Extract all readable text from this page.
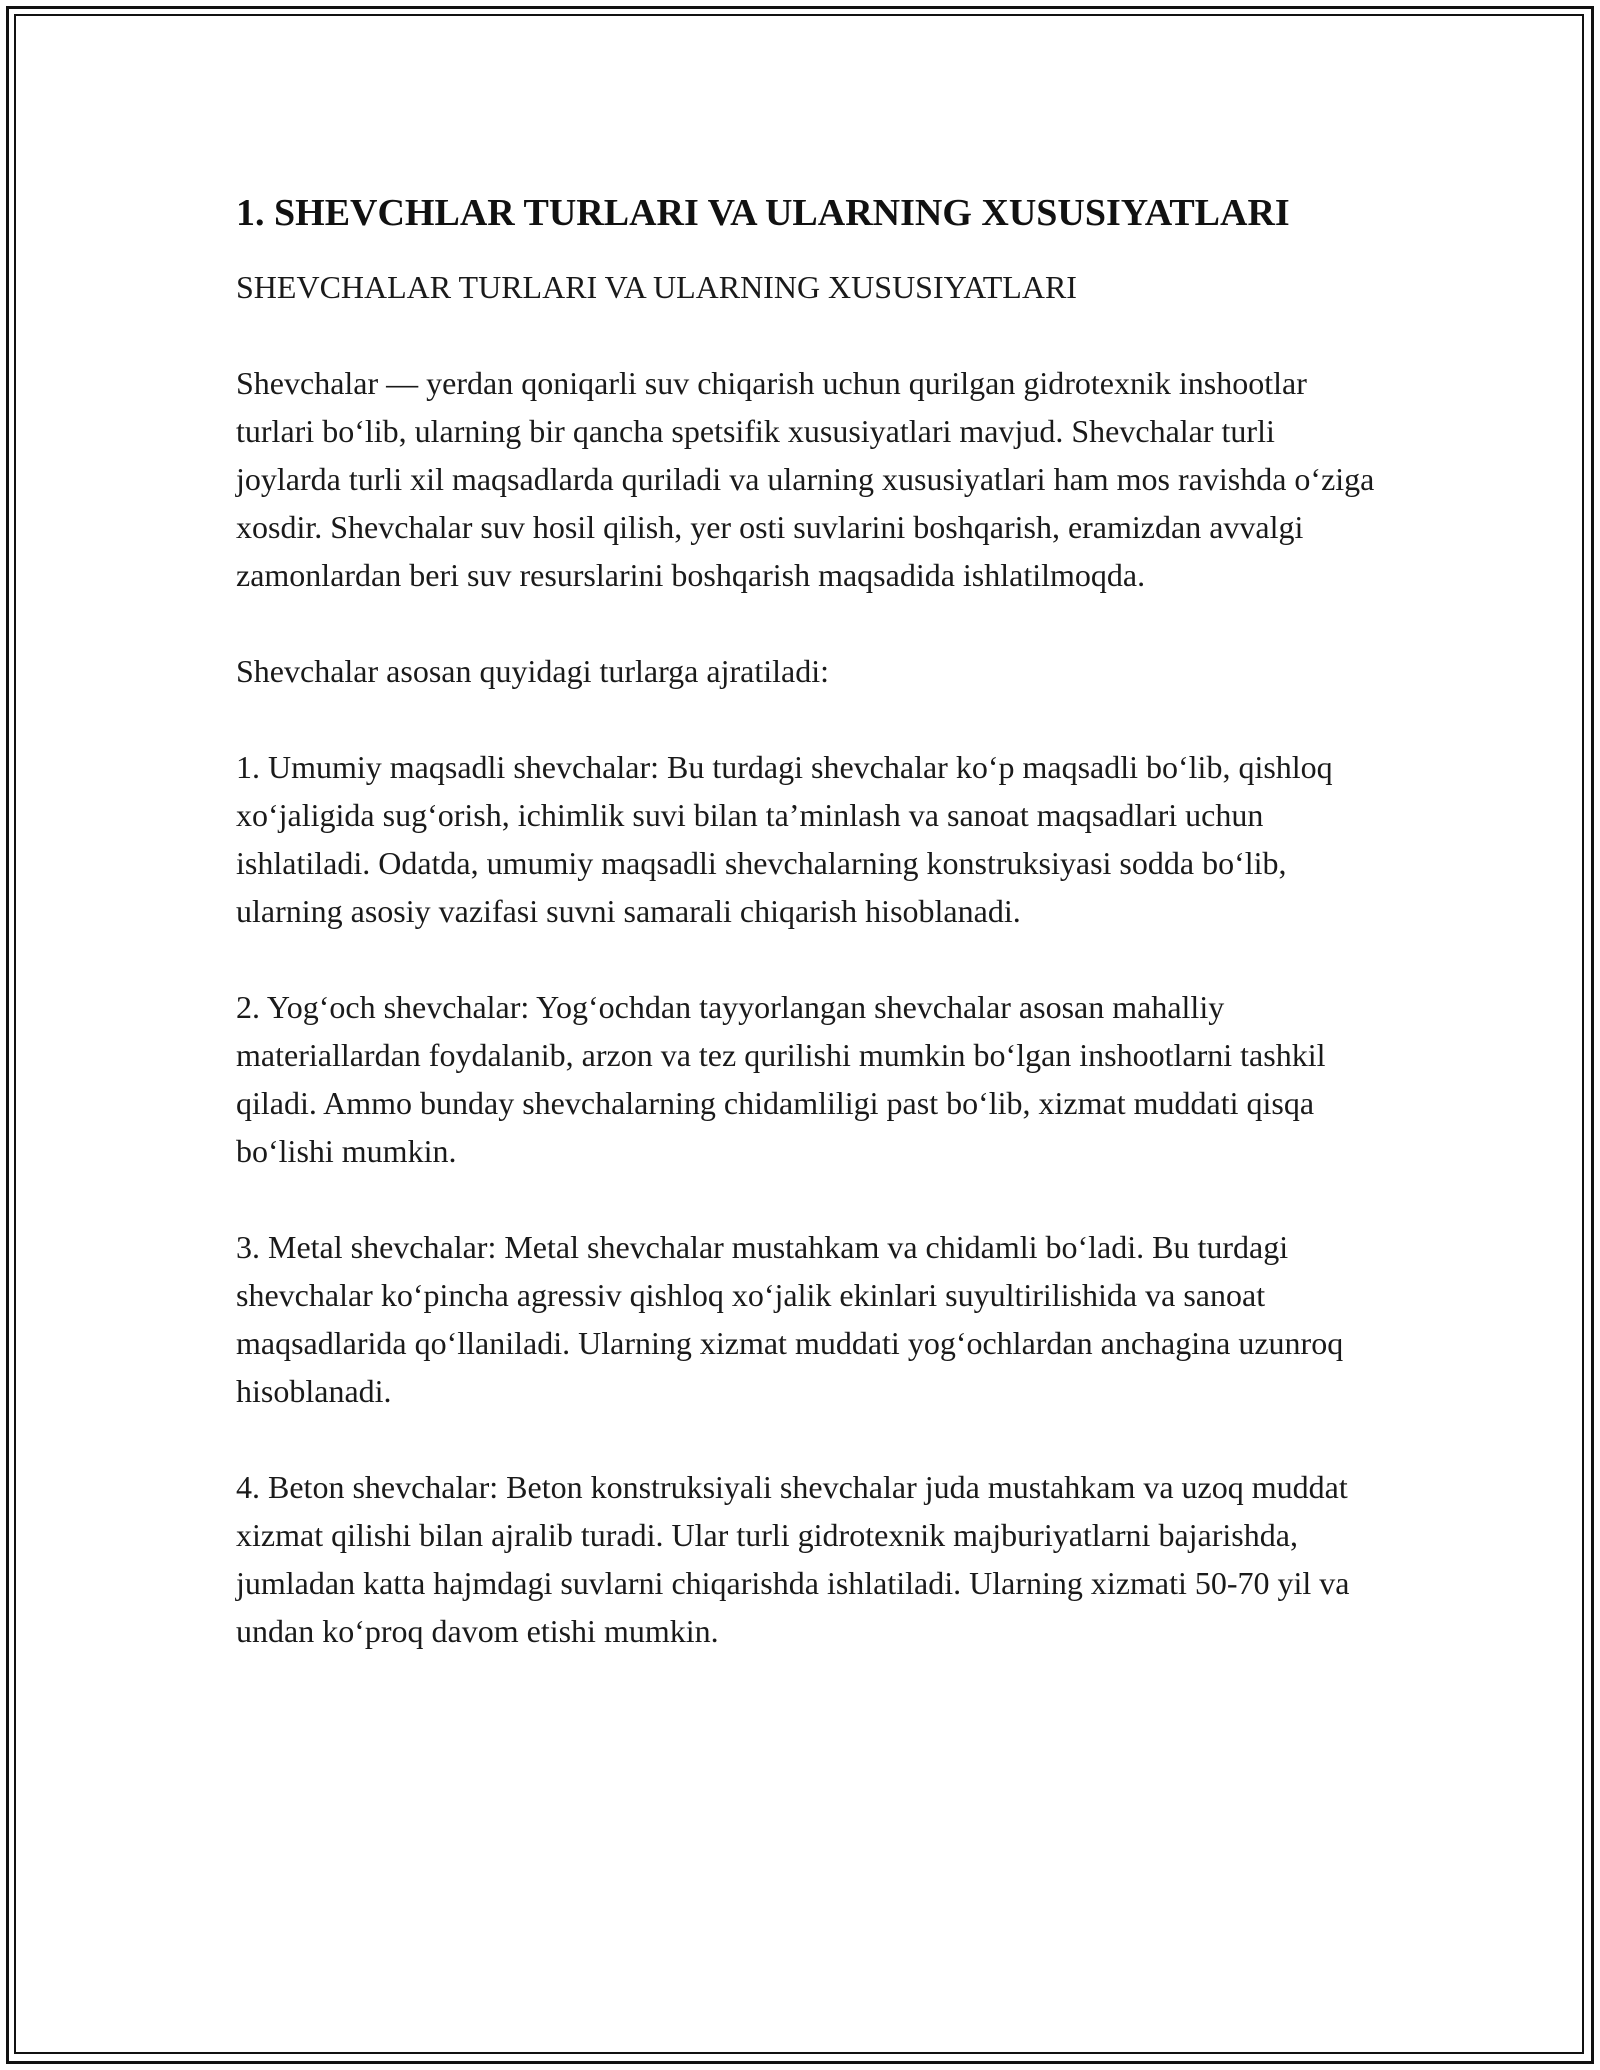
1. SHEVCHLAR TURLARI VA ULARNING XUSUSIYATLARI
SHEVCHALAR TURLARI VA ULARNING XUSUSIYATLARI

Shevchalar — yerdan qoniqarli suv chiqarish uchun qurilgan gidrotexnik inshootlar turlari bo‘lib, ularning bir qancha spetsifik xususiyatlari mavjud. Shevchalar turli joylarda turli xil maqsadlarda quriladi va ularning xususiyatlari ham mos ravishda o‘ziga xosdir. Shevchalar suv hosil qilish, yer osti suvlarini boshqarish, eramizdan avvalgi zamonlardan beri suv resurslarini boshqarish maqsadida ishlatilmoqda.

Shevchalar asosan quyidagi turlarga ajratiladi:

1. Umumiy maqsadli shevchalar: Bu turdagi shevchalar ko‘p maqsadli bo‘lib, qishloq xo‘jaligida sug‘orish, ichimlik suvi bilan ta’minlash va sanoat maqsadlari uchun ishlatiladi. Odatda, umumiy maqsadli shevchalarning konstruksiyasi sodda bo‘lib, ularning asosiy vazifasi suvni samarali chiqarish hisoblanadi.

2. Yog‘och shevchalar: Yog‘ochdan tayyorlangan shevchalar asosan mahalliy materiallardan foydalanib, arzon va tez qurilishi mumkin bo‘lgan inshootlarni tashkil qiladi. Ammo bunday shevchalarning chidamliligi past bo‘lib, xizmat muddati qisqa bo‘lishi mumkin.

3. Metal shevchalar: Metal shevchalar mustahkam va chidamli bo‘ladi. Bu turdagi shevchalar ko‘pincha agressiv qishloq xo‘jalik ekinlari suyultirilishida va sanoat maqsadlarida qo‘llaniladi. Ularning xizmat muddati yog‘ochlardan anchagina uzunroq hisoblanadi.

4. Beton shevchalar: Beton konstruksiyali shevchalar juda mustahkam va uzoq muddat xizmat qilishi bilan ajralib turadi. Ular turli gidrotexnik majburiyatlarni bajarishda, jumladan katta hajmdagi suvlarni chiqarishda ishlatiladi. Ularning xizmati 50-70 yil va undan ko‘proq davom etishi mumkin.
